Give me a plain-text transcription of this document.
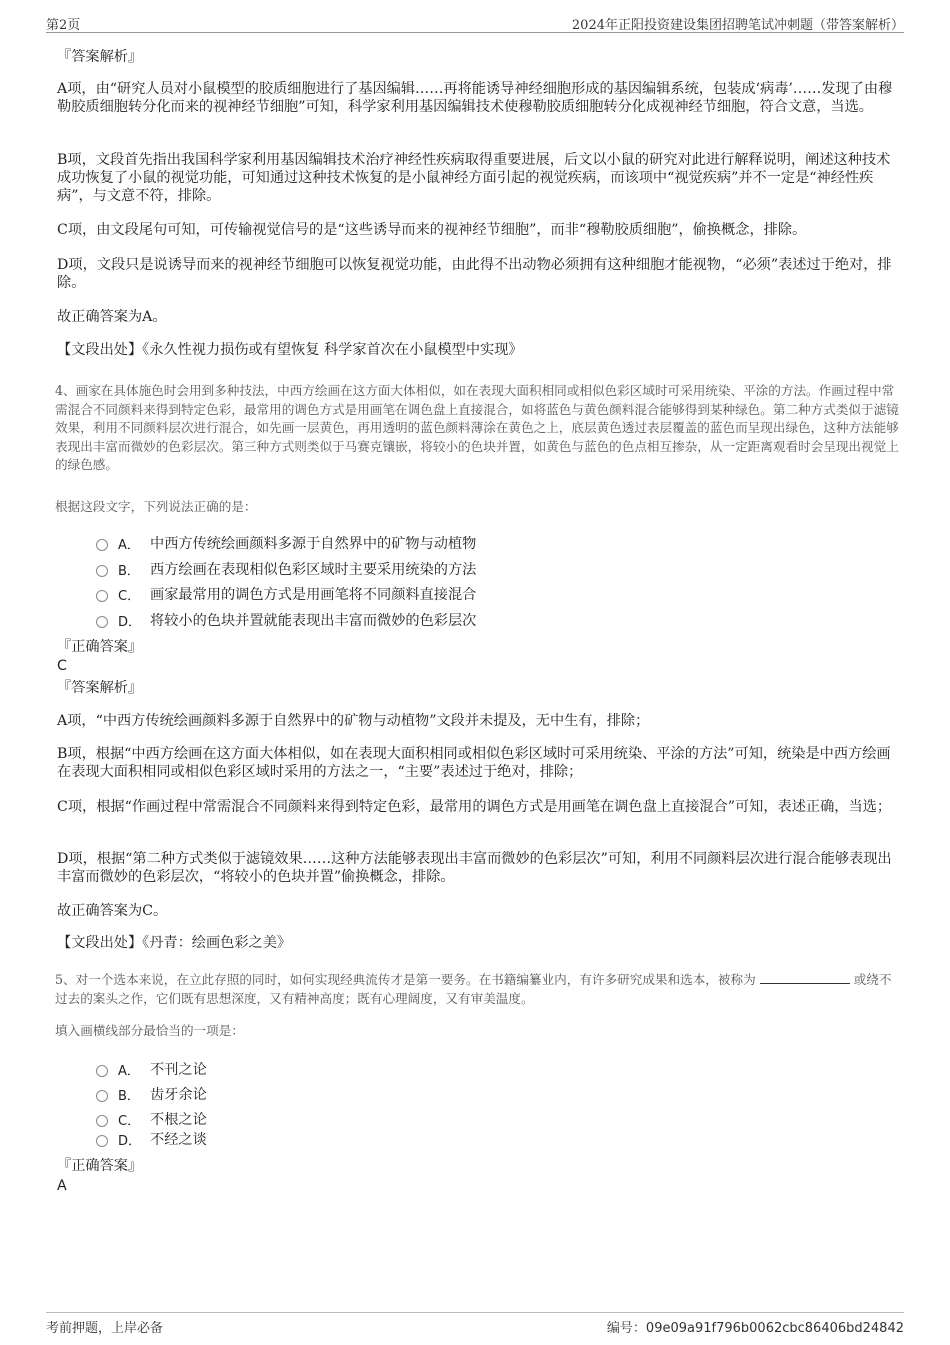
第2页	2024年正阳投资建设集团招聘笔试冲刺题（带答案解析）
『答案解析』
A项，由“研究人员对小鼠模型的胶质细胞进行了基因编辑……再将能诱导神经细胞形成的基因编辑系统，包装成‘病毒’……发现了由穆勒胶质细胞转分化而来的视神经节细胞”可知，科学家利用基因编辑技术使穆勒胶质细胞转分化成视神经节细胞，符合文意，当选。
B项，文段首先指出我国科学家利用基因编辑技术治疗神经性疾病取得重要进展，后文以小鼠的研究对此进行解释说明，阐述这种技术成功恢复了小鼠的视觉功能，可知通过这种技术恢复的是小鼠神经方面引起的视觉疾病，而该项中“视觉疾病”并不一定是“神经性疾病”，与文意不符，排除。
C项，由文段尾句可知，可传输视觉信号的是“这些诱导而来的视神经节细胞”，而非“穆勒胶质细胞”，偷换概念，排除。
D项，文段只是说诱导而来的视神经节细胞可以恢复视觉功能，由此得不出动物必须拥有这种细胞才能视物，“必须”表述过于绝对，排除。
故正确答案为A。
【文段出处】《永久性视力损伤或有望恢复 科学家首次在小鼠模型中实现》
4、画家在具体施色时会用到多种技法，中西方绘画在这方面大体相似，如在表现大面积相同或相似色彩区域时可采用统染、平涂的方法。作画过程中常需混合不同颜料来得到特定色彩，最常用的调色方式是用画笔在调色盘上直接混合，如将蓝色与黄色颜料混合能够得到某种绿色。第二种方式类似于滤镜效果，利用不同颜料层次进行混合，如先画一层黄色，再用透明的蓝色颜料薄涂在黄色之上，底层黄色透过表层覆盖的蓝色而呈现出绿色，这种方法能够表现出丰富而微妙的色彩层次。第三种方式则类似于马赛克镶嵌，将较小的色块并置，如黄色与蓝色的色点相互掺杂，从一定距离观看时会呈现出视觉上的绿色感。
根据这段文字，下列说法正确的是：
A． 中西方传统绘画颜料多源于自然界中的矿物与动植物
B． 西方绘画在表现相似色彩区域时主要采用统染的方法
C． 画家最常用的调色方式是用画笔将不同颜料直接混合
D． 将较小的色块并置就能表现出丰富而微妙的色彩层次
『正确答案』
C
『答案解析』
A项，“中西方传统绘画颜料多源于自然界中的矿物与动植物”文段并未提及，无中生有，排除；
B项，根据“中西方绘画在这方面大体相似，如在表现大面积相同或相似色彩区域时可采用统染、平涂的方法”可知，统染是中西方绘画在表现大面积相同或相似色彩区域时采用的方法之一，“主要”表述过于绝对，排除；
C项，根据“作画过程中常需混合不同颜料来得到特定色彩，最常用的调色方式是用画笔在调色盘上直接混合”可知，表述正确，当选；
D项，根据“第二种方式类似于滤镜效果……这种方法能够表现出丰富而微妙的色彩层次”可知，利用不同颜料层次进行混合能够表现出丰富而微妙的色彩层次，“将较小的色块并置”偷换概念，排除。
故正确答案为C。
【文段出处】《丹青：绘画色彩之美》
5、对一个选本来说，在立此存照的同时，如何实现经典流传才是第一要务。在书籍编纂业内，有许多研究成果和选本，被称为	或绕不过去的案头之作，它们既有思想深度，又有精神高度；既有心理阔度，又有审美温度。
填入画横线部分最恰当的一项是：
A． 不刊之论
B． 齿牙余论
C． 不根之论
D． 不经之谈
『正确答案』
A
考前押题，上岸必备	编号：09e09a91f796b0062cbc86406bd24842
